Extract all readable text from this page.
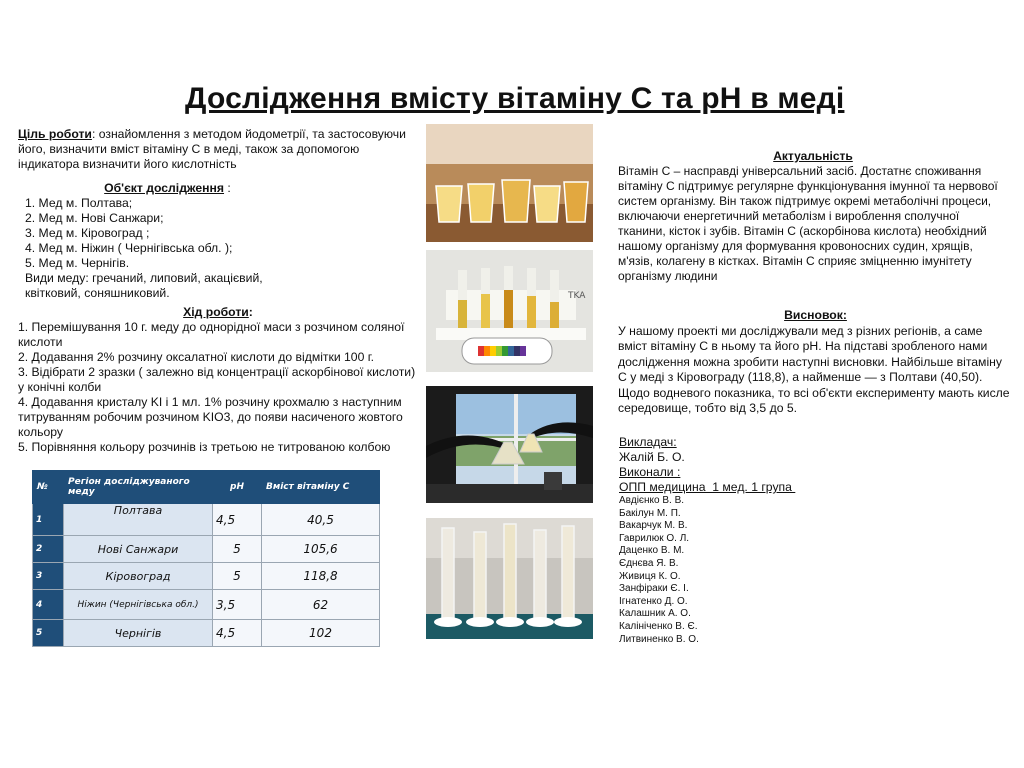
Дослідження вмісту вітаміну С та рН в меді
Ціль роботи: ознайомлення з методом йодометрії, та застосовуючи його, визначити вміст вітаміну С в меді, також за допомогою індикатора визначити його кислотність
Об'єкт дослідження :
1. Мед м. Полтава;
2. Мед м. Нові Санжари;
3. Мед м. Кіровоград ;
4. Мед м. Ніжин ( Чернігівська обл. );
5. Мед м. Чернігів.
Види меду: гречаний, липовий, акацієвий, квітковий, соняшниковий.
Хід роботи:
1. Перемішування 10 г. меду до однорідної маси з розчином соляної кислоти
2. Додавання 2% розчину оксалатної кислоти до відмітки 100 г.
3. Відібрати 2 зразки ( залежно від концентрації аскорбінової кислоти) у конічні колби
4. Додавання кристалу KI і 1 мл. 1% розчину крохмалю з наступним титруванням робочим розчином KIO3, до появи насиченого жовтого кольору
5. Порівняння кольору розчинів із третьою не титрованою колбою
№	Регіон досліджуваного меду	pH	Вміст вітаміну С
1	Полтава	4,5	40,5
2	Нові Санжари	5	105,6
3	Кіровоград	5	118,8
4	Ніжин (Чернігівська обл.)	3,5	62
5	Чернігів	4,5	102
TKA
Актуальність
Вітамін С – насправді універсальний засіб. Достатнє споживання вітаміну С підтримує регулярне функціонування імунної та нервової систем організму. Він також підтримує окремі метаболічні процеси, включаючи енергетичний метаболізм і вироблення сполучної тканини, кісток і зубів. Вітамін С (аскорбінова кислота) необхідний нашому організму для формування кровоносних судин, хрящів, м'язів, колагену в кістках. Вітамін С сприяє зміцненню імунітету організму людини
Висновок:
У нашому проекті ми досліджували мед з різних регіонів, а саме вміст вітаміну С в ньому та його рН. На підставі зробленого нами дослідження можна зробити наступні висновки. Найбільше вітаміну С у меді з Кіровограду (118,8), а найменше — з Полтави (40,50). Щодо водневого показника, то всі об'єкти експерименту мають кисле середовище, тобто від 3,5 до 5.
Викладач:
Жалій Б. О.
Виконали :
ОПП медицина  1 мед. 1 група
Авдієнко В. В.
Бакілун М. П.
Вакарчук М. В.
Гаврилюк О. Л.
Даценко В. М.
Єднєва Я. В.
Живиця К. О.
Занфіраки Є. І.
Ігнатенко Д. О.
Калашник А. О.
Калініченко В. Є.
Литвиненко В. О.
